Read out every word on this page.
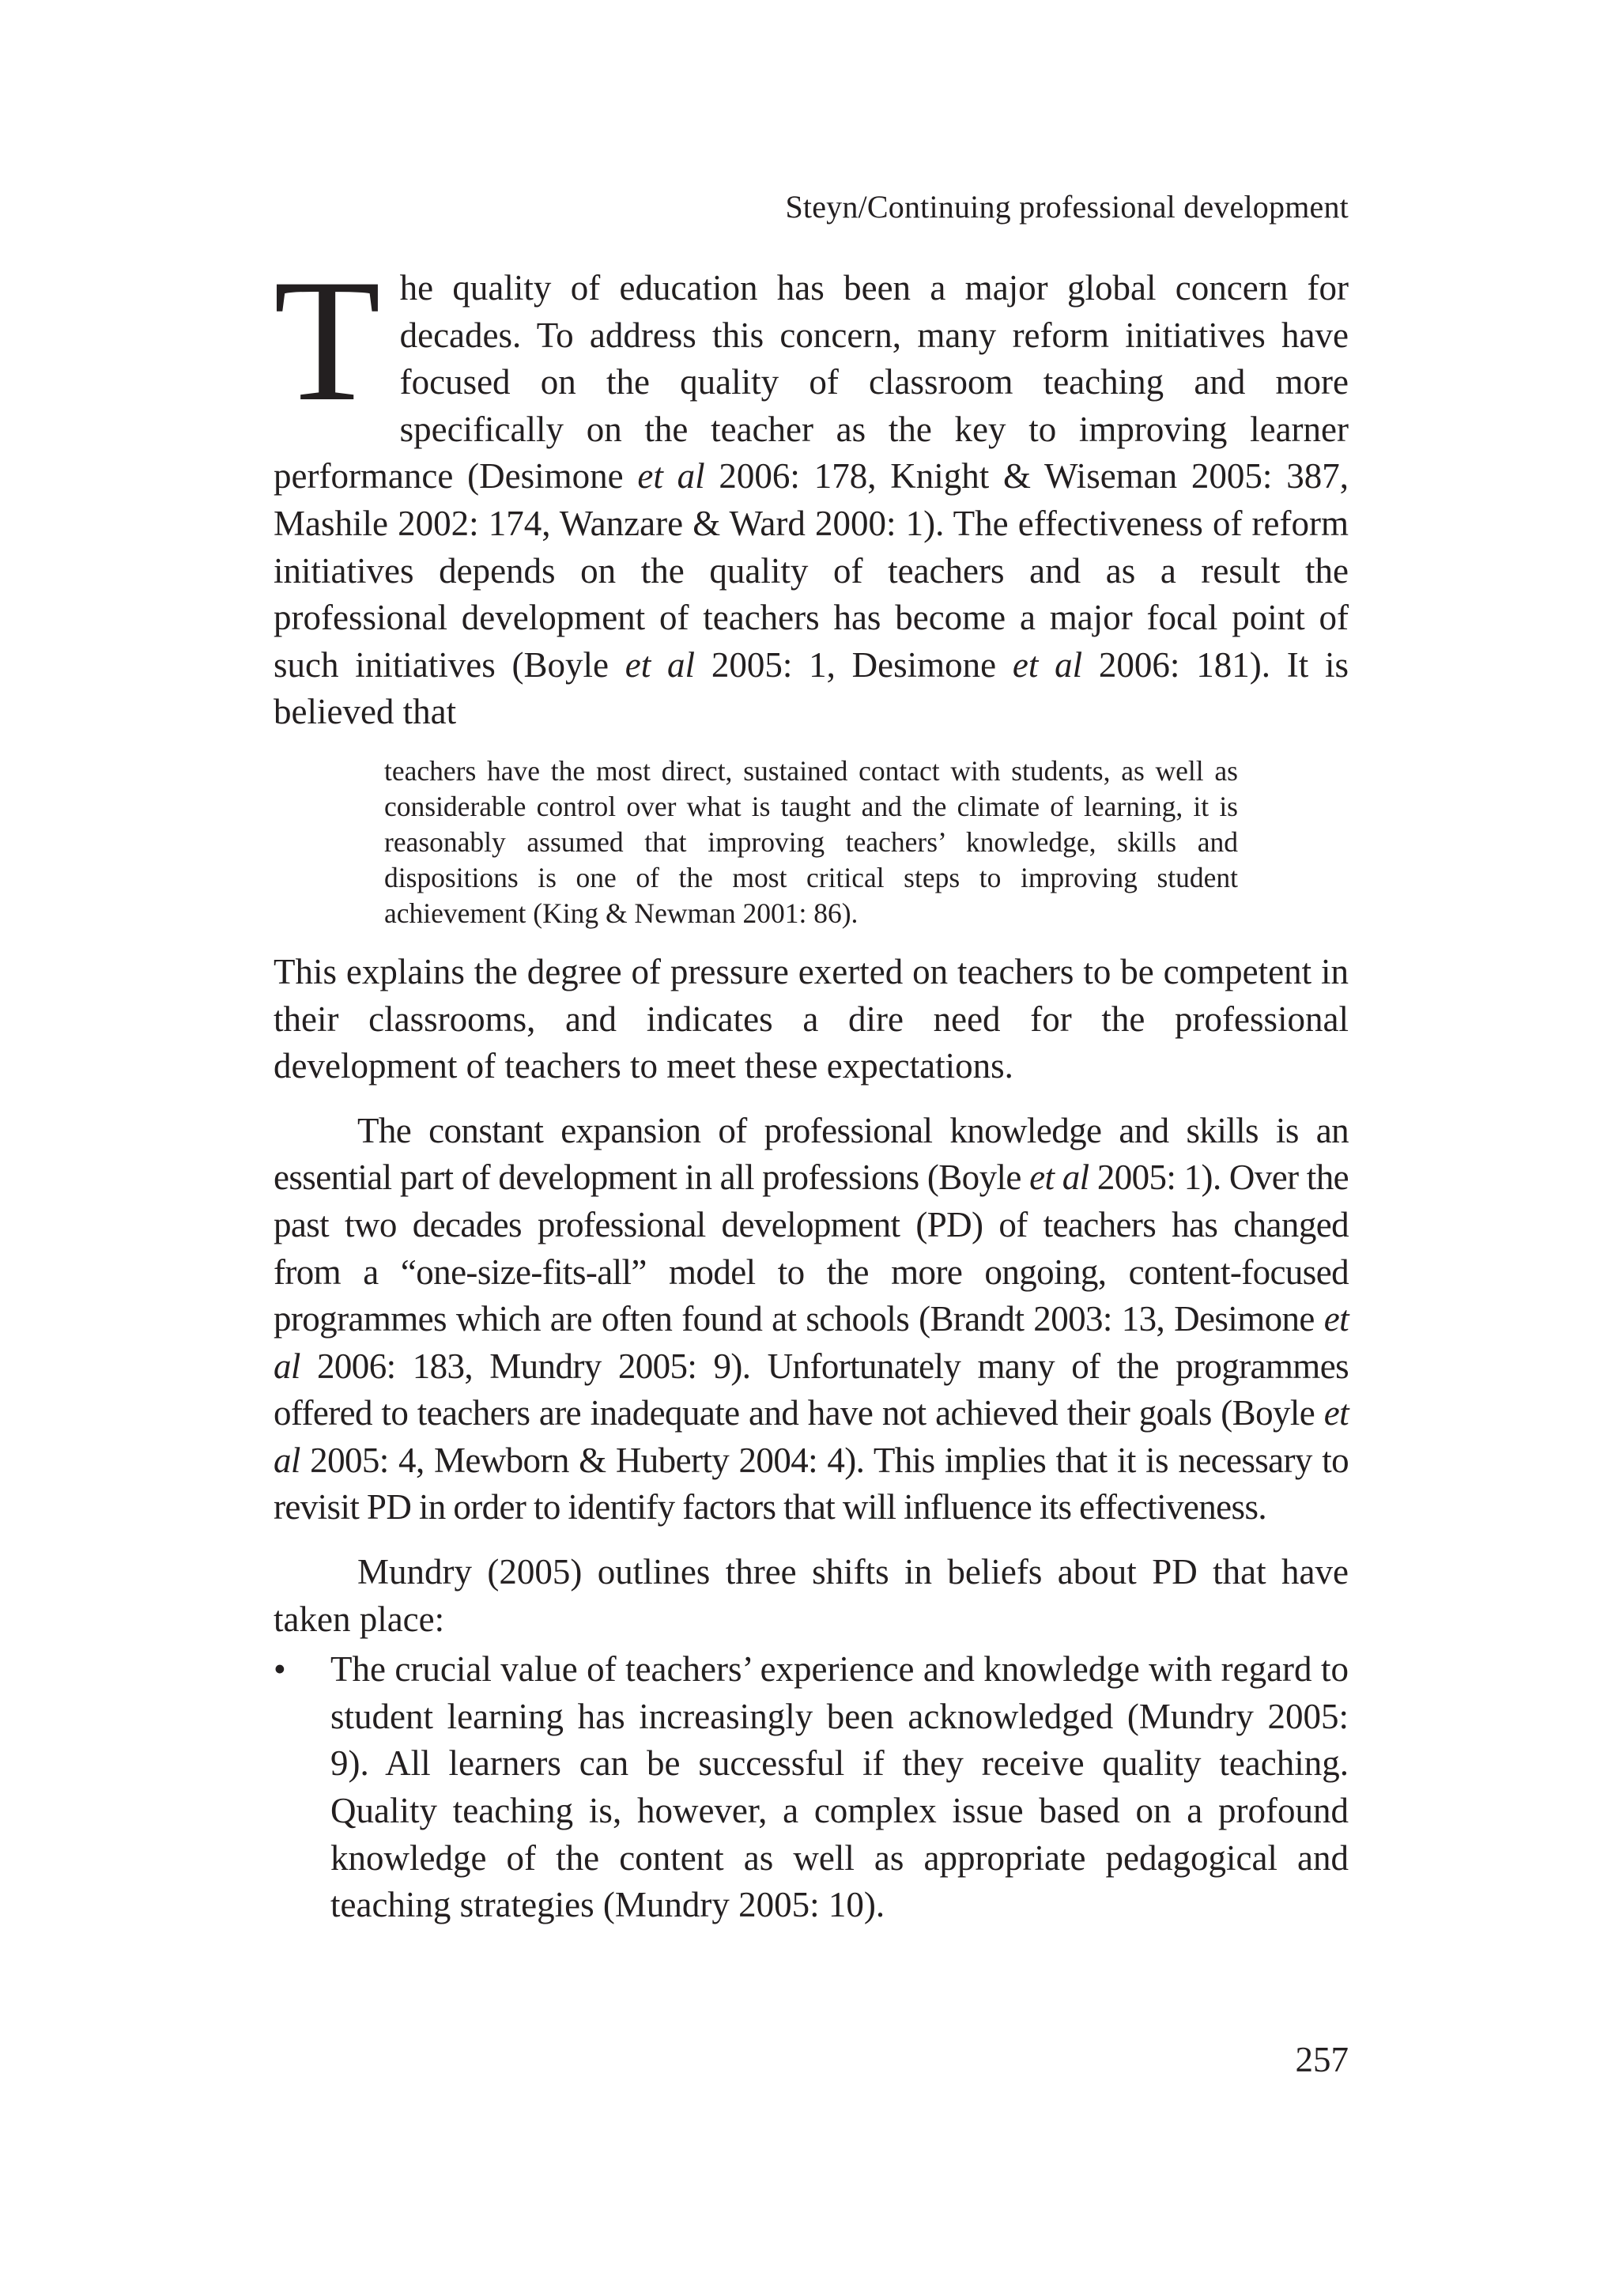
Steyn/Continuing professional development

The quality of education has been a major global concern for decades. To address this concern, many reform initiatives have focused on the quality of classroom teaching and more specifically on the teacher as the key to improving learner performance (Desimone et al 2006: 178, Knight & Wiseman 2005: 387, Mashile 2002: 174, Wanzare & Ward 2000: 1). The effectiveness of reform initiatives depends on the quality of teachers and as a result the professional development of teachers has become a major focal point of such initiatives (Boyle et al 2005: 1, Desimone et al 2006: 181). It is believed that

teachers have the most direct, sustained contact with students, as well as considerable control over what is taught and the climate of learning, it is reasonably assumed that improving teachers’ knowledge, skills and dispositions is one of the most critical steps to improving student achievement (King & Newman 2001: 86).

This explains the degree of pressure exerted on teachers to be competent in their classrooms, and indicates a dire need for the professional development of teachers to meet these expectations.

The constant expansion of professional knowledge and skills is an essential part of development in all professions (Boyle et al 2005: 1). Over the past two decades professional development (PD) of teachers has changed from a “one-size-fits-all” model to the more ongoing, content-focused programmes which are often found at schools (Brandt 2003: 13, Desimone et al 2006: 183, Mundry 2005: 9). Unfortunately many of the programmes offered to teachers are inadequate and have not achieved their goals (Boyle et al 2005: 4, Mewborn & Huberty 2004: 4). This implies that it is necessary to revisit PD in order to identify factors that will influence its effectiveness.

Mundry (2005) outlines three shifts in beliefs about PD that have taken place:

• The crucial value of teachers’ experience and knowledge with regard to student learning has increasingly been acknowledged (Mundry 2005: 9). All learners can be successful if they receive quality teaching. Quality teaching is, however, a complex issue based on a profound knowledge of the content as well as appropriate pedagogical and teaching strategies (Mundry 2005: 10).

257
